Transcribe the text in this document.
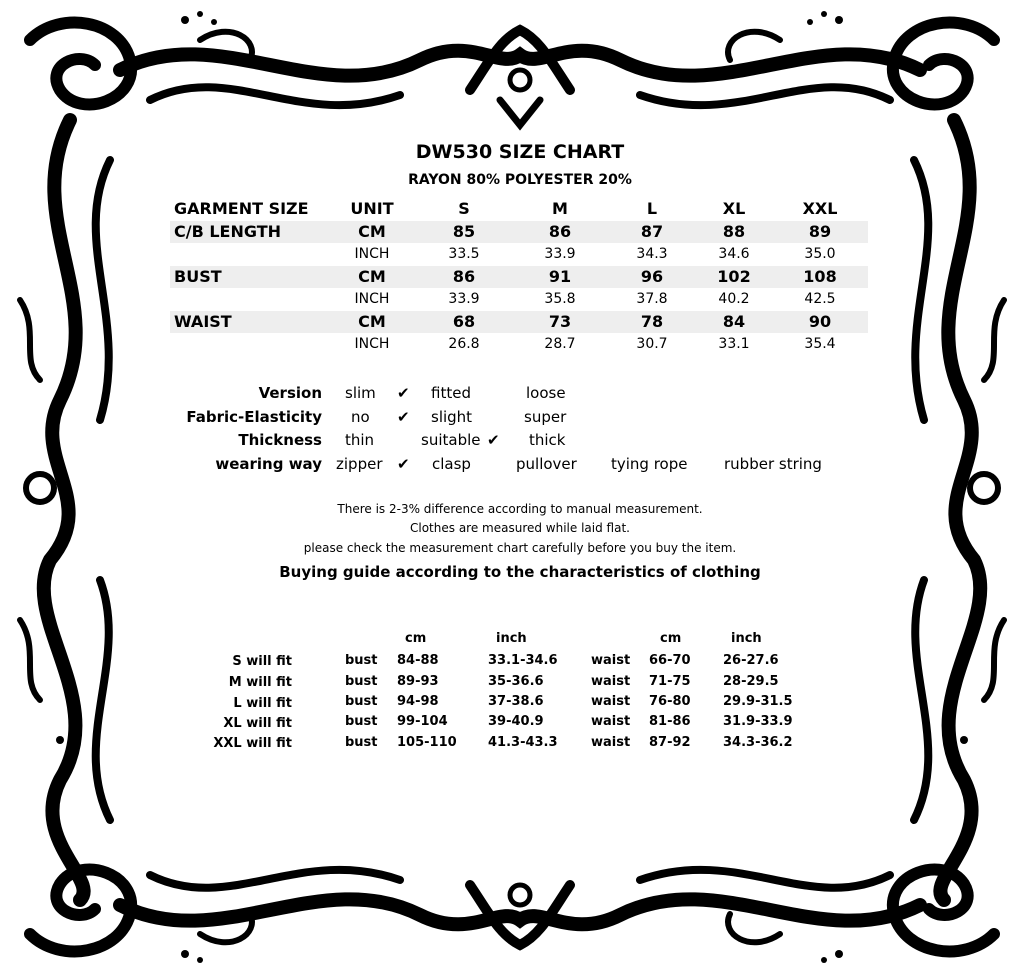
DW530 SIZE CHART
RAYON 80% POLYESTER 20%
GARMENT SIZE	UNIT	S	M	L	XL	XXL
C/B LENGTH	CM	85	86	87	88	89
INCH	33.5	33.9	34.3	34.6	35.0
BUST	CM	86	91	96	102	108
INCH	33.9	35.8	37.8	40.2	42.5
WAIST	CM	68	73	78	84	90
INCH	26.8	28.7	30.7	33.1	35.4
Version slim ✔ fitted	loose
Fabric-Elasticity no ✔ slight	super
Thickness thin	suitable ✔ thick
wearing way zipper ✔ clasp	pullover tying rope rubber string
There is 2-3% difference according to manual measurement.
Clothes are measured while laid flat.
please check the measurement chart carefully before you buy the item.
Buying guide according to the characteristics of clothing
cm	inch	cm	inch
S will fit	bust 84-88	33.1-34.6	waist 66-70 26-27.6
M will fit	bust 89-93	35-36.6	waist 71-75 28-29.5
L will fit	bust 94-98	37-38.6	waist 76-80 29.9-31.5
XL will fit	bust 99-104	39-40.9	waist 81-86 31.9-33.9
XXL will fit	bust 105-110 41.3-43.3	waist 87-92 34.3-36.2
